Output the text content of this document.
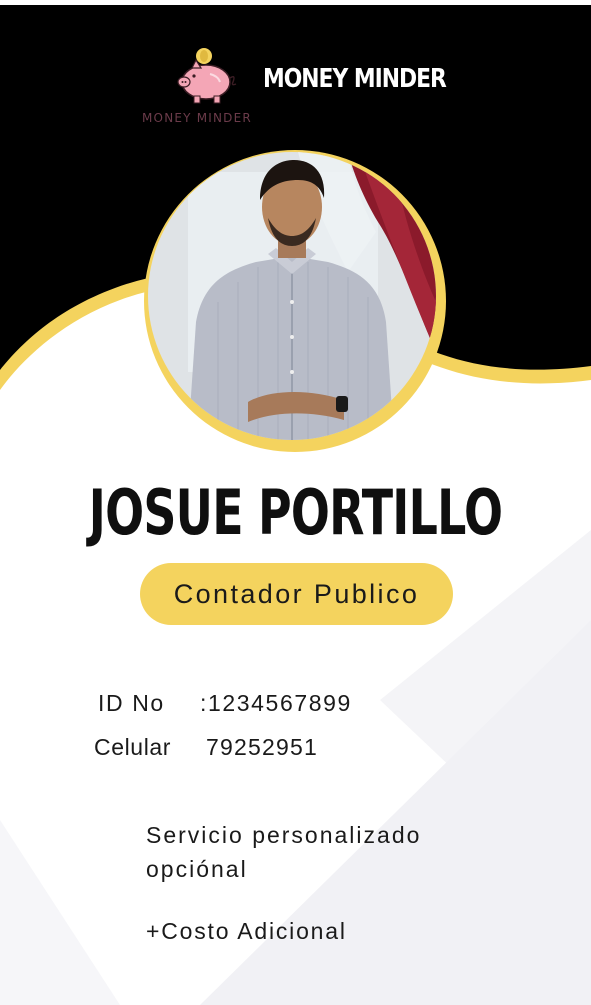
MONEY MINDER
MONEY MINDER
JOSUE PORTILLO
Contador Publico
ID No :1234567899
Celular 79252951
Servicio personalizado
opciónal
+Costo Adicional
